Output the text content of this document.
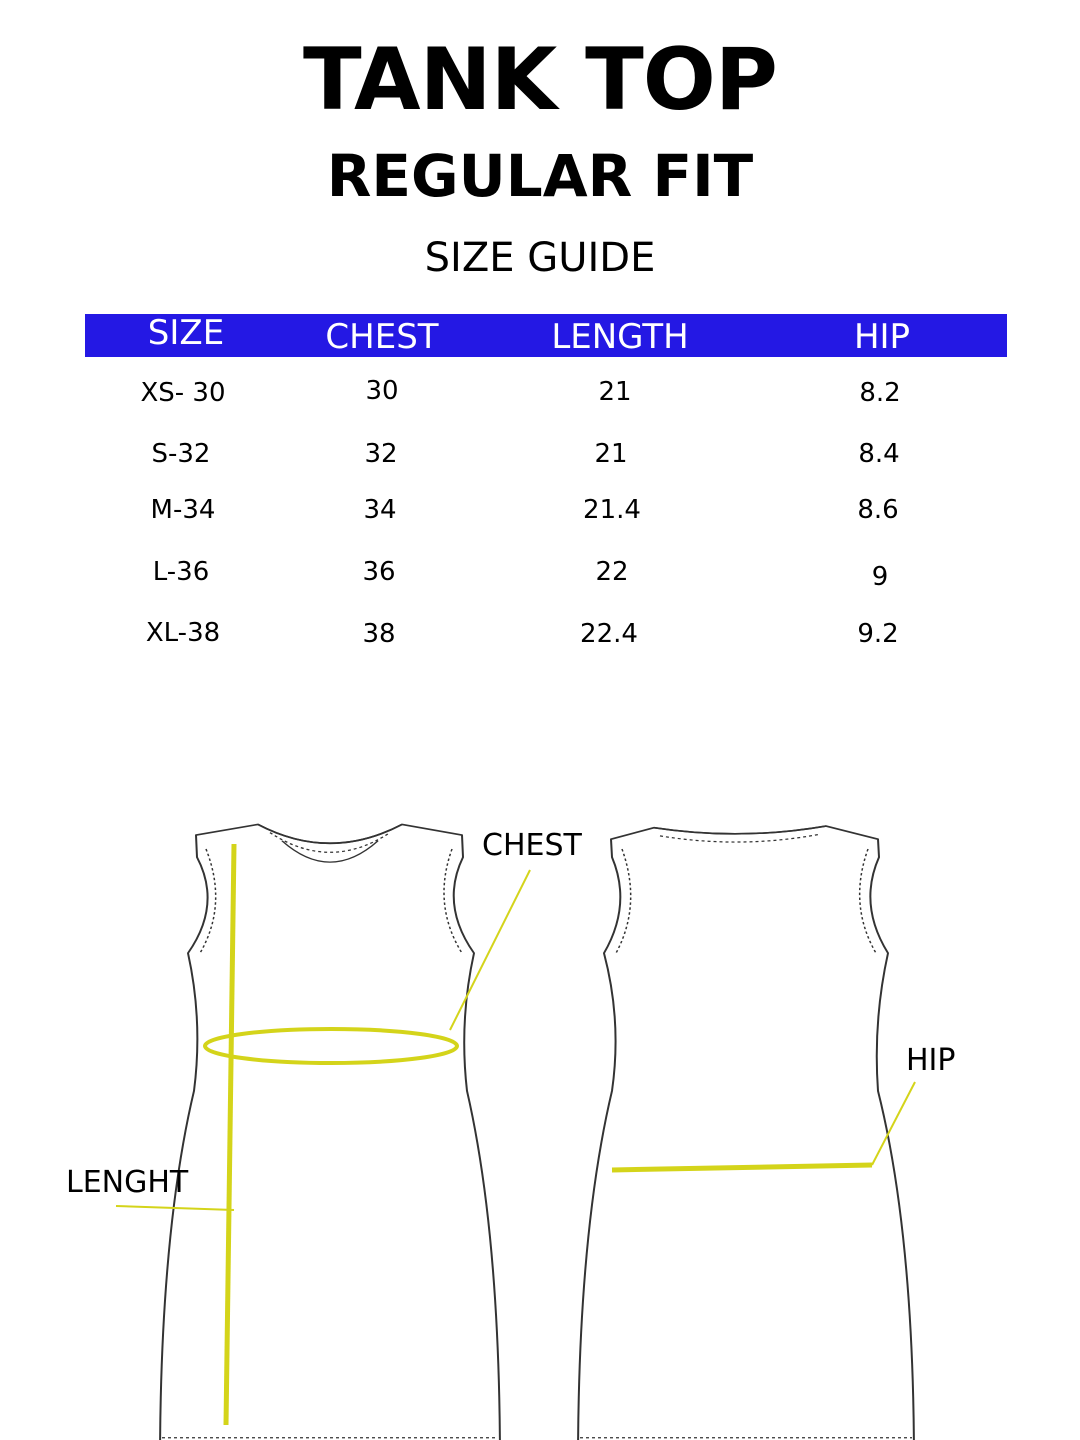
TANK TOP
REGULAR FIT
SIZE GUIDE
SIZE	CHEST	LENGTH	HIP
XS- 30	30	21	8.2
S-32	32	21	8.4
M-34	34	21.4	8.6
L-36	36	22	9
XL-38	38	22.4	9.2
CHEST
LENGHT
HIP
